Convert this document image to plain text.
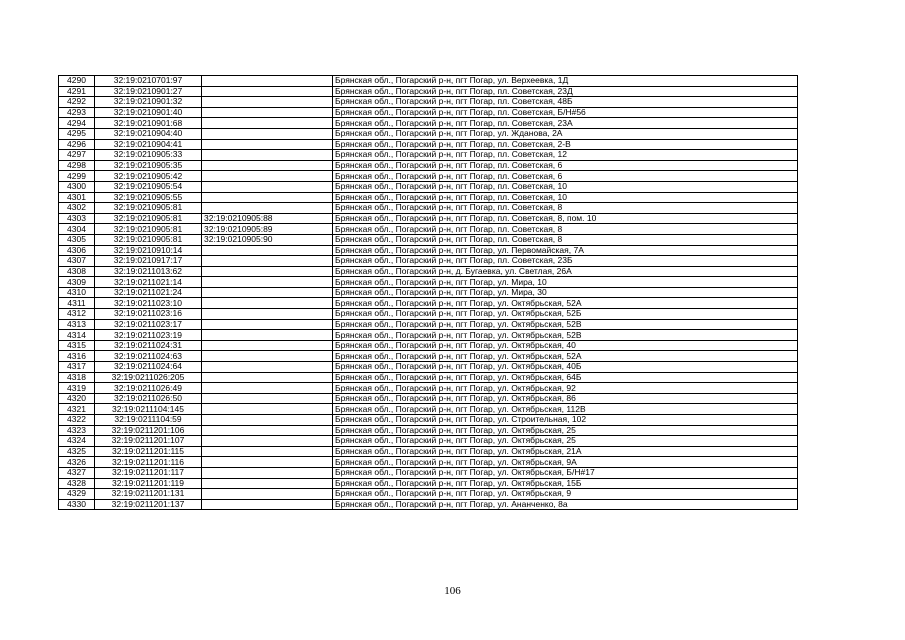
4290	32:19:0210701:97		Брянская обл., Погарский р-н, пгт Погар, ул. Верхеевка, 1Д
4291	32:19:0210901:27		Брянская обл., Погарский р-н, пгт Погар, пл. Советская, 23Д
4292	32:19:0210901:32		Брянская обл., Погарский р-н, пгт Погар, пл. Советская, 48Б
4293	32:19:0210901:40		Брянская обл., Погарский р-н, пгт Погар, пл. Советская, Б/Н#56
4294	32:19:0210901:68		Брянская обл., Погарский р-н, пгт Погар, пл. Советская, 23А
4295	32:19:0210904:40		Брянская обл., Погарский р-н, пгт Погар, ул. Жданова, 2А
4296	32:19:0210904:41		Брянская обл., Погарский р-н, пгт Погар, пл. Советская, 2-В
4297	32:19:0210905:33		Брянская обл., Погарский р-н, пгт Погар, пл. Советская, 12
4298	32:19:0210905:35		Брянская обл., Погарский р-н, пгт Погар, пл. Советская, 6
4299	32:19:0210905:42		Брянская обл., Погарский р-н, пгт Погар, пл. Советская, 6
4300	32:19:0210905:54		Брянская обл., Погарский р-н, пгт Погар, пл. Советская, 10
4301	32:19:0210905:55		Брянская обл., Погарский р-н, пгт Погар, пл. Советская, 10
4302	32:19:0210905:81		Брянская обл., Погарский р-н, пгт Погар, пл. Советская, 8
4303	32:19:0210905:81	32:19:0210905:88	Брянская обл., Погарский р-н, пгт Погар, пл. Советская, 8, пом. 10
4304	32:19:0210905:81	32:19:0210905:89	Брянская обл., Погарский р-н, пгт Погар, пл. Советская, 8
4305	32:19:0210905:81	32:19:0210905:90	Брянская обл., Погарский р-н, пгт Погар, пл. Советская, 8
4306	32:19:0210910:14		Брянская обл., Погарский р-н, пгт Погар, ул. Первомайская, 7А
4307	32:19:0210917:17		Брянская обл., Погарский р-н, пгт Погар, пл. Советская, 23Б
4308	32:19:0211013:62		Брянская обл., Погарский р-н, д. Бугаевка, ул. Светлая, 26А
4309	32:19:0211021:14		Брянская обл., Погарский р-н, пгт Погар, ул. Мира, 10
4310	32:19:0211021:24		Брянская обл., Погарский р-н, пгт Погар, ул. Мира, 30
4311	32:19:0211023:10		Брянская обл., Погарский р-н, пгт Погар, ул. Октябрьская, 52А
4312	32:19:0211023:16		Брянская обл., Погарский р-н, пгт Погар, ул. Октябрьская, 52Б
4313	32:19:0211023:17		Брянская обл., Погарский р-н, пгт Погар, ул. Октябрьская, 52В
4314	32:19:0211023:19		Брянская обл., Погарский р-н, пгт Погар, ул. Октябрьская, 52В
4315	32:19:0211024:31		Брянская обл., Погарский р-н, пгт Погар, ул. Октябрьская, 40
4316	32:19:0211024:63		Брянская обл., Погарский р-н, пгт Погар, ул. Октябрьская, 52А
4317	32:19:0211024:64		Брянская обл., Погарский р-н, пгт Погар, ул. Октябрьская, 40Б
4318	32:19:0211026:205		Брянская обл., Погарский р-н, пгт Погар, ул. Октябрьская, 64Б
4319	32:19:0211026:49		Брянская обл., Погарский р-н, пгт Погар, ул. Октябрьская, 92
4320	32:19:0211026:50		Брянская обл., Погарский р-н, пгт Погар, ул. Октябрьская, 86
4321	32:19:0211104:145		Брянская обл., Погарский р-н, пгт Погар, ул. Октябрьская, 112В
4322	32:19:0211104:59		Брянская обл., Погарский р-н, пгт Погар, ул. Строительная, 102
4323	32:19:0211201:106		Брянская обл., Погарский р-н, пгт Погар, ул. Октябрьская, 25
4324	32:19:0211201:107		Брянская обл., Погарский р-н, пгт Погар, ул. Октябрьская, 25
4325	32:19:0211201:115		Брянская обл., Погарский р-н, пгт Погар, ул. Октябрьская, 21А
4326	32:19:0211201:116		Брянская обл., Погарский р-н, пгт Погар, ул. Октябрьская, 9А
4327	32:19:0211201:117		Брянская обл., Погарский р-н, пгт Погар, ул. Октябрьская, Б/Н#17
4328	32:19:0211201:119		Брянская обл., Погарский р-н, пгт Погар, ул. Октябрьская, 15Б
4329	32:19:0211201:131		Брянская обл., Погарский р-н, пгт Погар, ул. Октябрьская, 9
4330	32:19:0211201:137		Брянская обл., Погарский р-н, пгт Погар, ул. Ананченко, 8а
106
